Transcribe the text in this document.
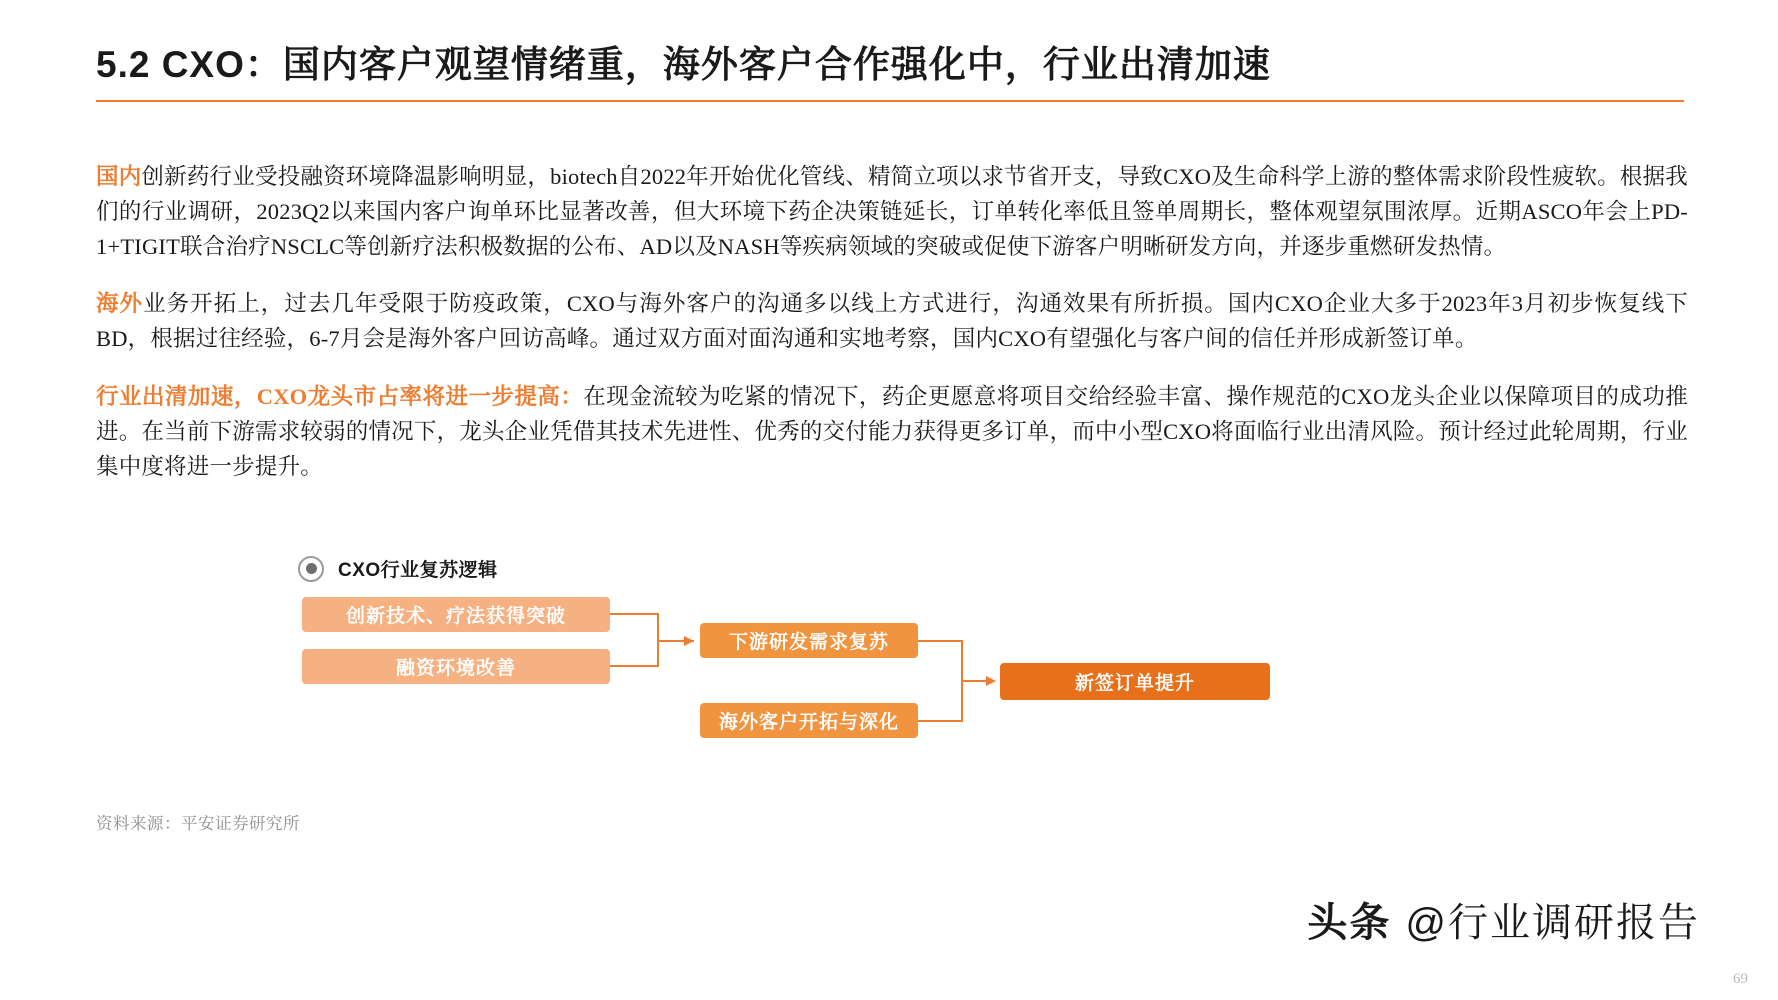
5.2 CXO：国内客户观望情绪重，海外客户合作强化中，行业出清加速

国内创新药行业受投融资环境降温影响明显，biotech自2022年开始优化管线、精简立项以求节省开支，导致CXO及生命科学上游的整体需求阶段性疲软。根据我们的行业调研，2023Q2以来国内客户询单环比显著改善，但大环境下药企决策链延长，订单转化率低且签单周期长，整体观望氛围浓厚。近期ASCO年会上PD-1+TIGIT联合治疗NSCLC等创新疗法积极数据的公布、AD以及NASH等疾病领域的突破或促使下游客户明晰研发方向，并逐步重燃研发热情。

海外业务开拓上，过去几年受限于防疫政策，CXO与海外客户的沟通多以线上方式进行，沟通效果有所折损。国内CXO企业大多于2023年3月初步恢复线下BD，根据过往经验，6-7月会是海外客户回访高峰。通过双方面对面沟通和实地考察，国内CXO有望强化与客户间的信任并形成新签订单。

行业出清加速，CXO龙头市占率将进一步提高：在现金流较为吃紧的情况下，药企更愿意将项目交给经验丰富、操作规范的CXO龙头企业以保障项目的成功推进。在当前下游需求较弱的情况下，龙头企业凭借其技术先进性、优秀的交付能力获得更多订单，而中小型CXO将面临行业出清风险。预计经过此轮周期，行业集中度将进一步提升。

CXO行业复苏逻辑
创新技术、疗法获得突破
融资环境改善
下游研发需求复苏
海外客户开拓与深化
新签订单提升
资料来源：平安证券研究所
头条 @行业调研报告
69
